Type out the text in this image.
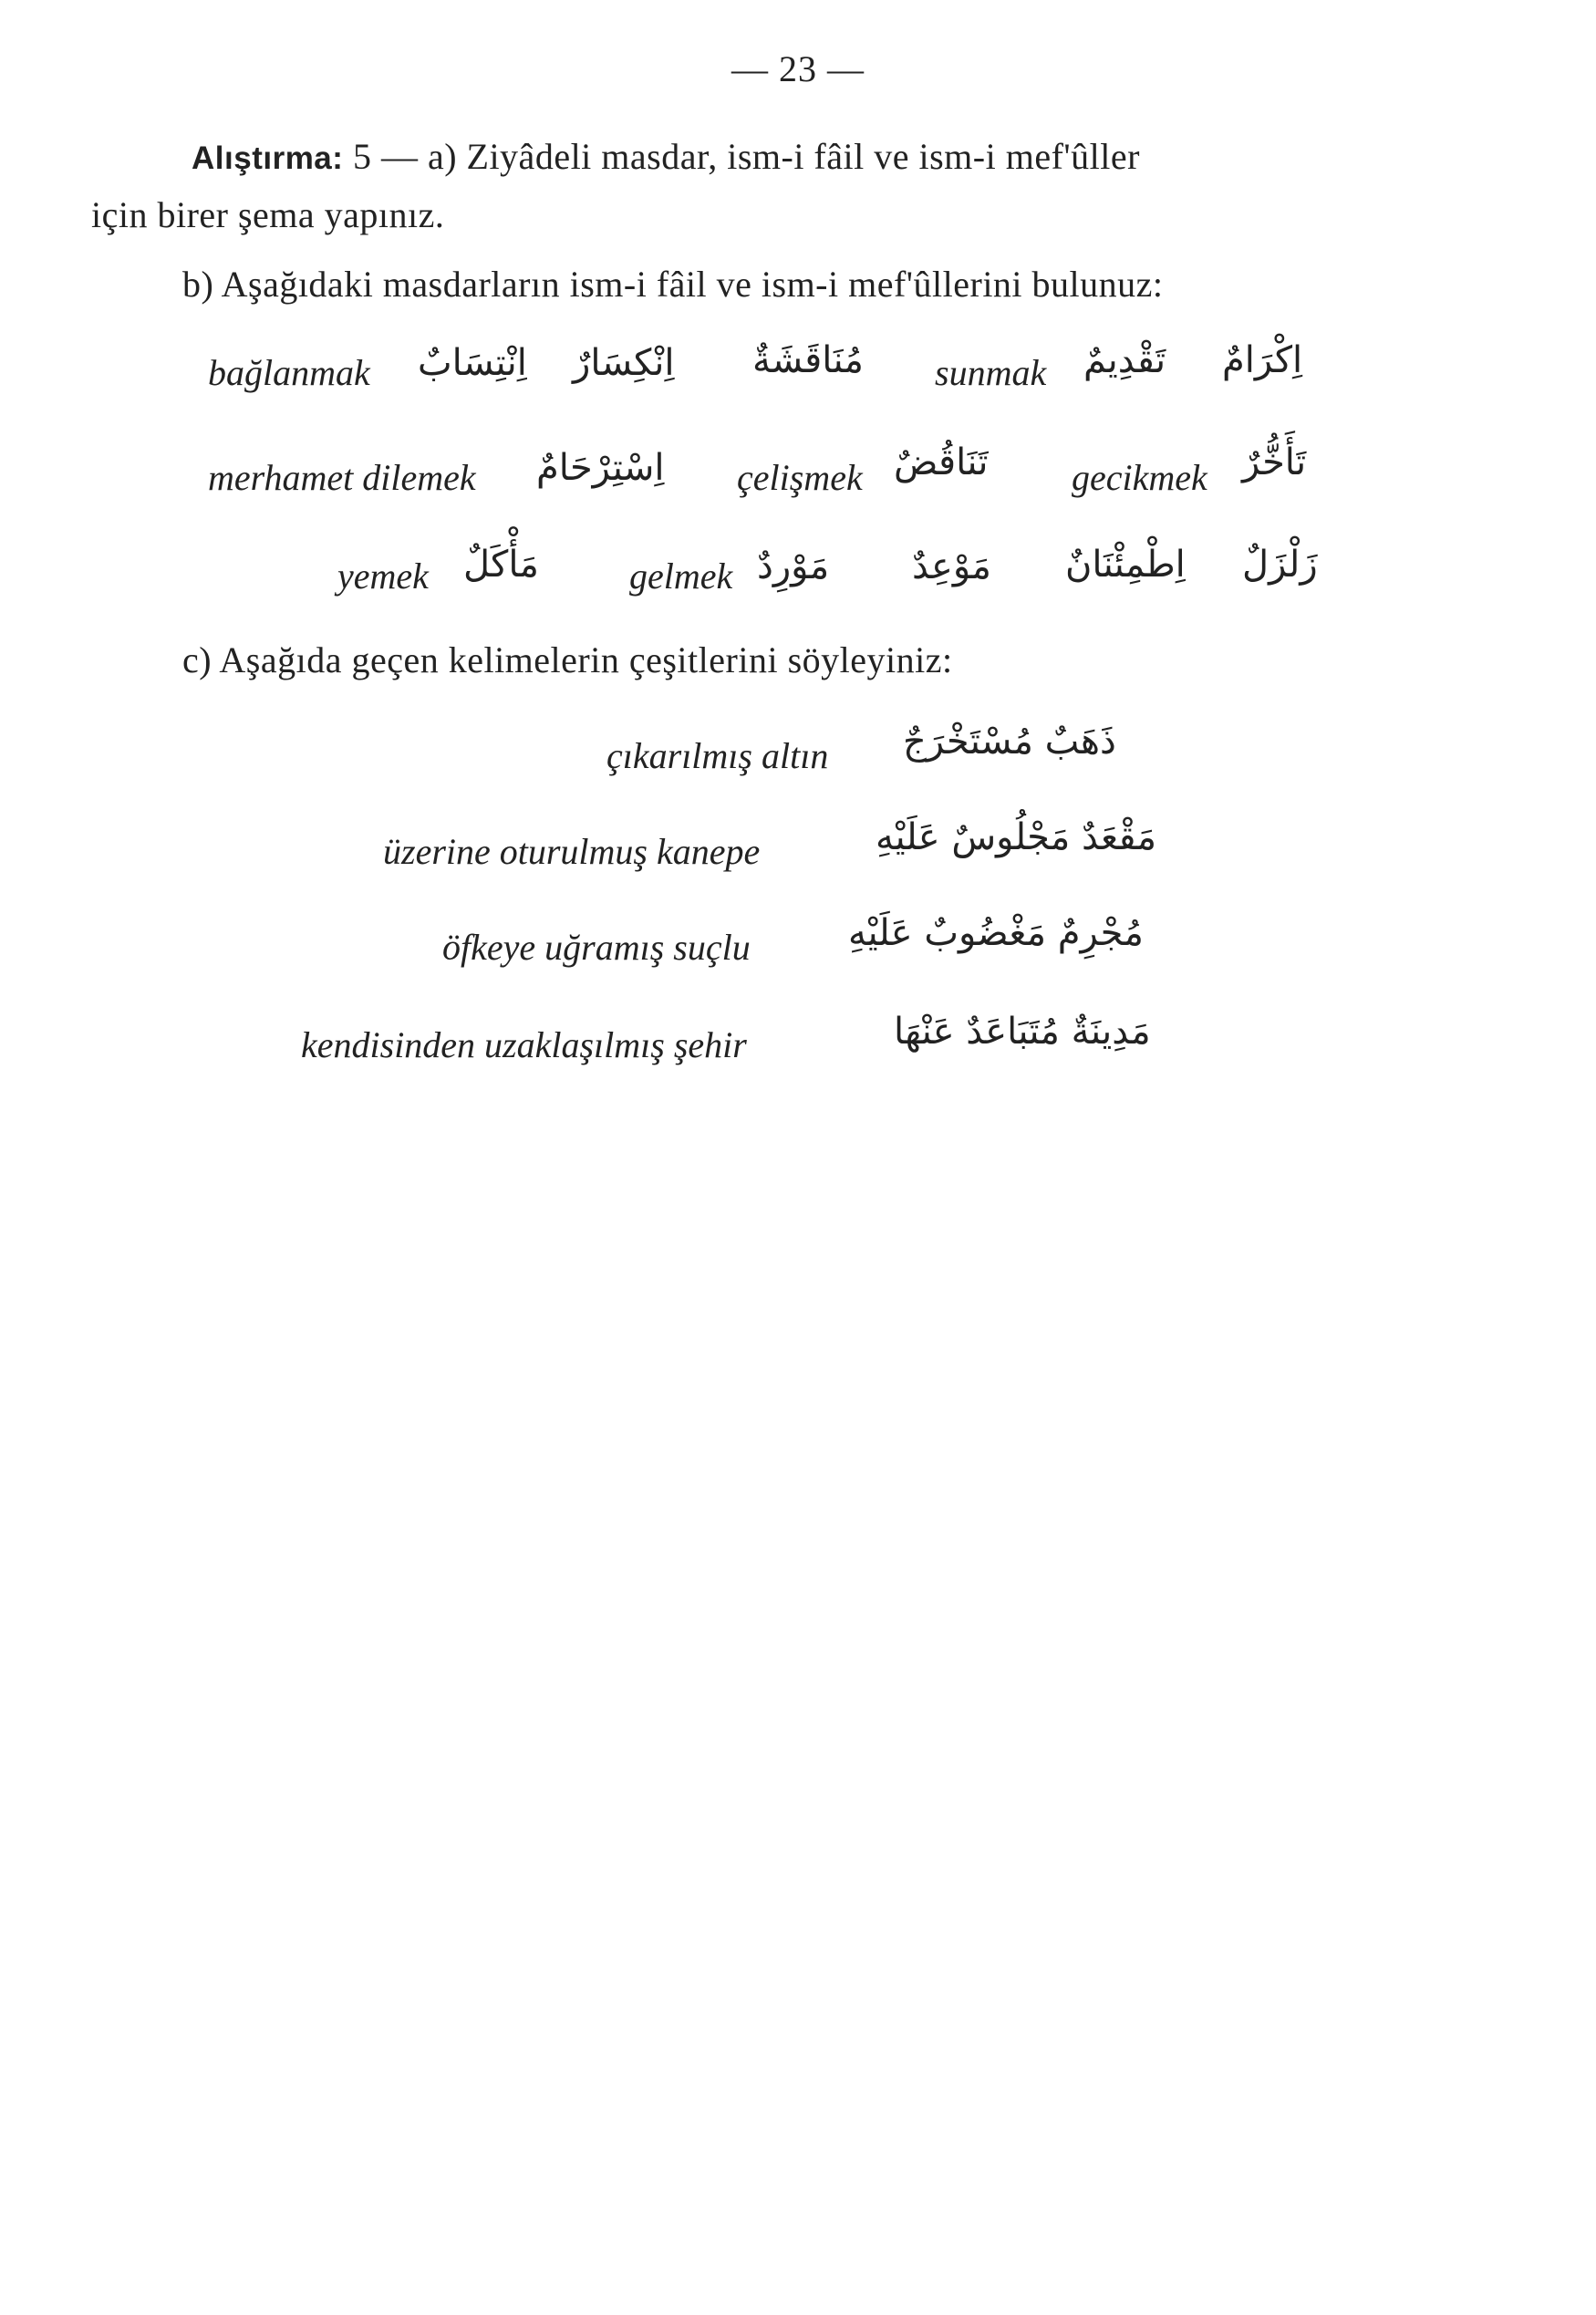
— 23 —
Alıştırma: 5 — a) Ziyâdeli masdar, ism-i fâil ve ism-i mef'ûller
için birer şema yapınız.
b) Aşağıdaki masdarların ism-i fâil ve ism-i mef'ûllerini bulunuz:
bağlanmak اِنْتِسَابٌ اِنْكِسَارٌ مُنَاقَشَةٌ sunmak تَقْدِيمٌ اِكْرَامٌ
merhamet dilemek اِسْتِرْحَامٌ çelişmek تَنَاقُضٌ gecikmek تَأَخُّرٌ
yemek مَأْكَلٌ gelmek مَوْرِدٌ مَوْعِدٌ اِطْمِئْنَانٌ زَلْزَلٌ
c) Aşağıda geçen kelimelerin çeşitlerini söyleyiniz:
çıkarılmış altın ذَهَبٌ مُسْتَخْرَجٌ
üzerine oturulmuş kanepe	مَقْعَدٌ مَجْلُوسٌ عَلَيْهِ
öfkeye uğramış suçlu	مُجْرِمٌ مَغْضُوبٌ عَلَيْهِ
kendisinden uzaklaşılmış şehir	مَدِينَةٌ مُتَبَاعَدٌ عَنْهَا
